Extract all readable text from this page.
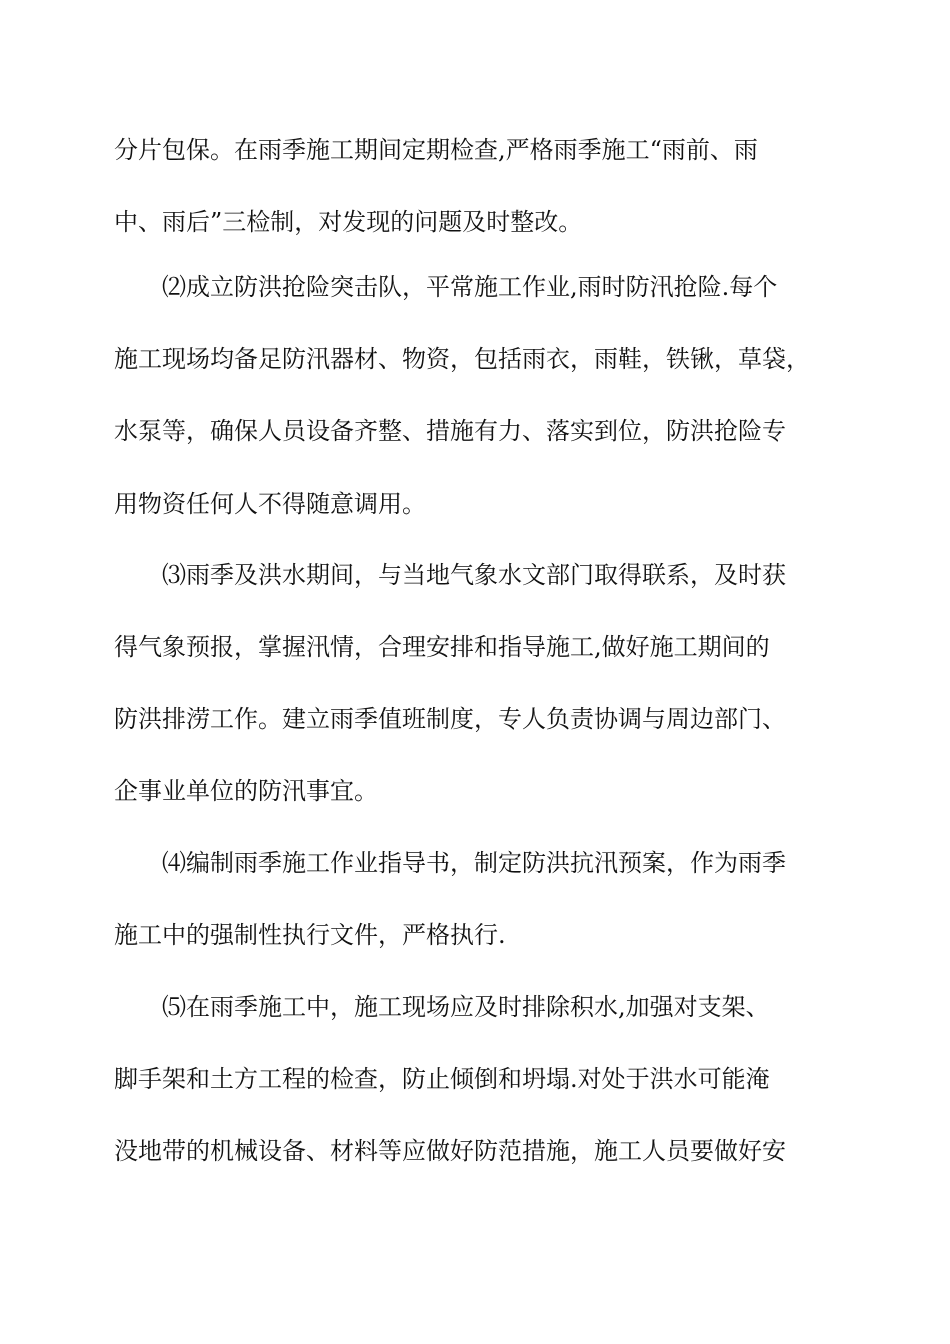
分片包保。在雨季施工期间定期检查,严格雨季施工“雨前、雨
中、雨后”三检制，对发现的问题及时整改。
⑵成立防洪抢险突击队，平常施工作业,雨时防汛抢险.每个
施工现场均备足防汛器材、物资，包括雨衣，雨鞋，铁锹，草袋，
水泵等，确保人员设备齐整、措施有力、落实到位，防洪抢险专
用物资任何人不得随意调用。
⑶雨季及洪水期间，与当地气象水文部门取得联系，及时获
得气象预报，掌握汛情，合理安排和指导施工,做好施工期间的
防洪排涝工作。建立雨季值班制度，专人负责协调与周边部门、
企事业单位的防汛事宜。
⑷编制雨季施工作业指导书，制定防洪抗汛预案，作为雨季
施工中的强制性执行文件，严格执行.
⑸在雨季施工中，施工现场应及时排除积水,加强对支架、
脚手架和土方工程的检查，防止倾倒和坍塌.对处于洪水可能淹
没地带的机械设备、材料等应做好防范措施，施工人员要做好安
